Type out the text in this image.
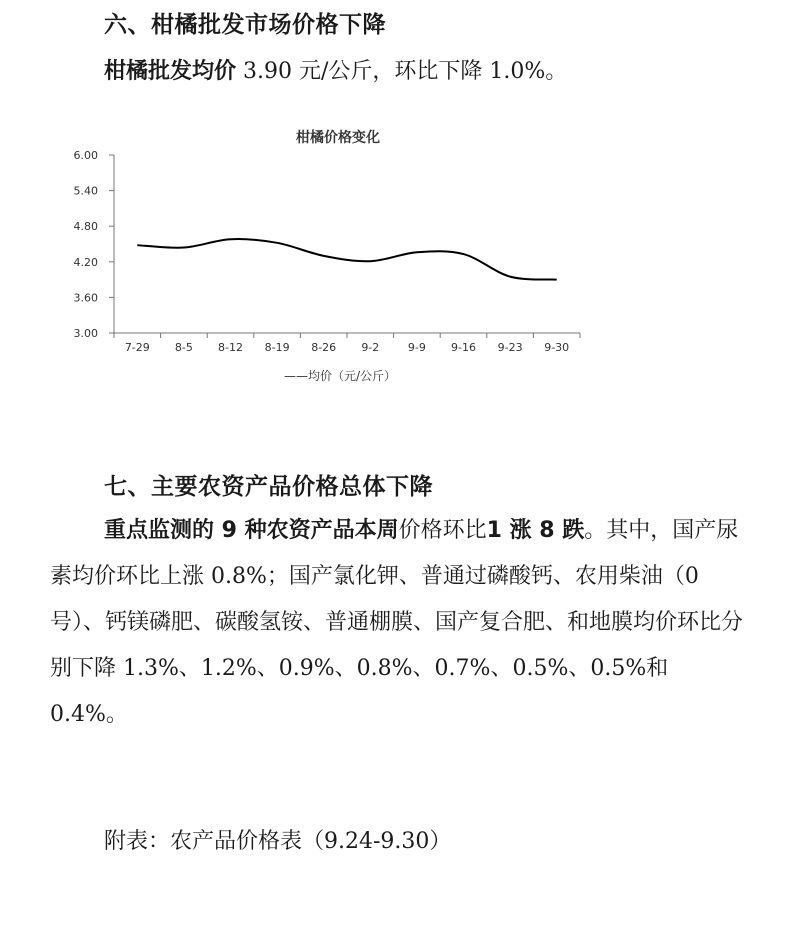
六、柑橘批发市场价格下降
柑橘批发均价 3.90 元/公斤，环比下降 1.0%。
柑橘价格变化
6.00
5.40
4.80
4.20
3.60
3.00
7-29 8-5 8-12 8-19 8-26 9-2	9-9 9-16 9-23 9-30
——均价（元/公斤）
七、主要农资产品价格总体下降
重点监测的 9 种农资产品本周价格环比1 涨 8 跌。其中，国产尿素均价环比上涨 0.8%；国产氯化钾、普通过磷酸钙、农用柴油（0 号）、钙镁磷肥、碳酸氢铵、普通棚膜、国产复合肥、和地膜均价环比分别下降 1.3%、1.2%、0.9%、0.8%、0.7%、0.5%、0.5%和 0.4%。
附表：农产品价格表（9.24-9.30）
